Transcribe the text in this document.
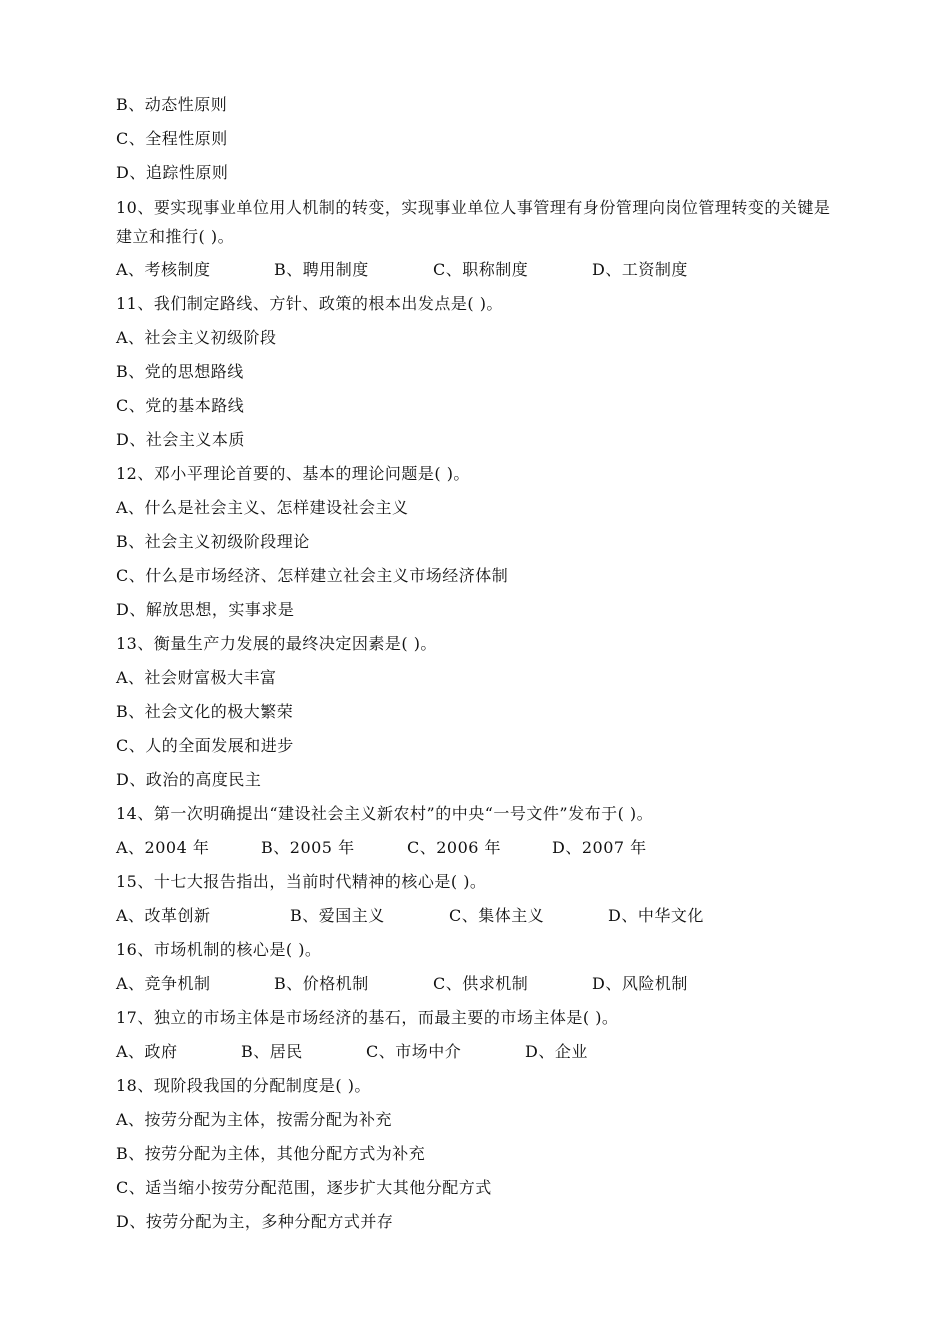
B、动态性原则
C、全程性原则
D、追踪性原则
10、要实现事业单位用人机制的转变，实现事业单位人事管理有身份管理向岗位管理转变的关键是
建立和推行( )。
A、考核制度	B、聘用制度	C、职称制度	D、工资制度
11、我们制定路线、方针、政策的根本出发点是( )。
A、社会主义初级阶段
B、党的思想路线
C、党的基本路线
D、社会主义本质
12、邓小平理论首要的、基本的理论问题是( )。
A、什么是社会主义、怎样建设社会主义
B、社会主义初级阶段理论
C、什么是市场经济、怎样建立社会主义市场经济体制
D、解放思想，实事求是
13、衡量生产力发展的最终决定因素是( )。
A、社会财富极大丰富
B、社会文化的极大繁荣
C、人的全面发展和进步
D、政治的高度民主
14、第一次明确提出“建设社会主义新农村”的中央“一号文件”发布于( )。
A、2004 年	B、2005 年	C、2006 年	D、2007 年
15、十七大报告指出，当前时代精神的核心是( )。
A、改革创新	B、爱国主义	C、集体主义	D、中华文化
16、市场机制的核心是( )。
A、竞争机制	B、价格机制	C、供求机制	D、风险机制
17、独立的市场主体是市场经济的基石，而最主要的市场主体是( )。
A、政府	B、居民	C、市场中介	D、企业
18、现阶段我国的分配制度是( )。
A、按劳分配为主体，按需分配为补充
B、按劳分配为主体，其他分配方式为补充
C、适当缩小按劳分配范围，逐步扩大其他分配方式
D、按劳分配为主，多种分配方式并存
